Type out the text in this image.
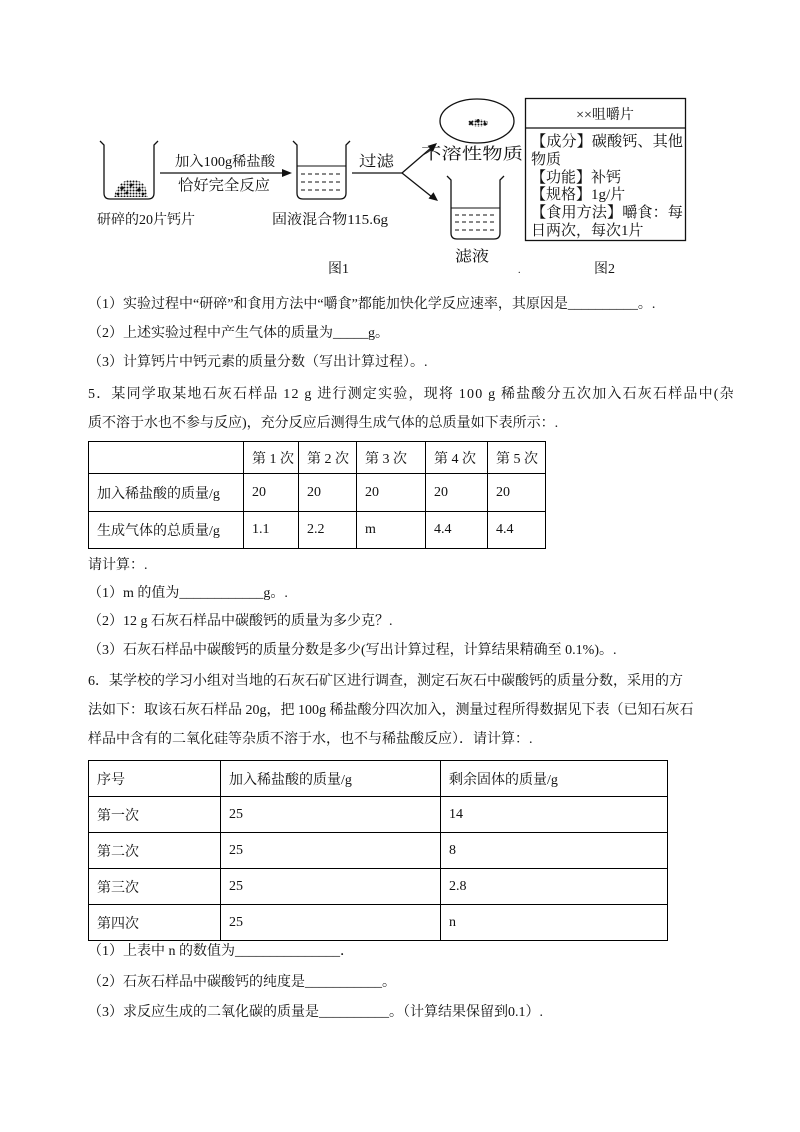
研碎的20片钙片
加入100g稀盐酸
恰好完全反应
固液混合物115.6g
过滤	不溶性物质
滤液
图1
××咀嚼片
【成分】碳酸钙、其他
物质
【功能】补钙
【规格】1g/片
【食用方法】嚼食：每
日两次，每次1片
.	图2
（1）实验过程中“研碎”和食用方法中“嚼食”都能加快化学反应速率，其原因是__________。.
（2）上述实验过程中产生气体的质量为_____g。
（3）计算钙片中钙元素的质量分数（写出计算过程）。.
5．某同学取某地石灰石样品 12 g 进行测定实验，现将 100 g 稀盐酸分五次加入石灰石样品中(杂
质不溶于水也不参与反应)，充分反应后测得生成气体的总质量如下表所示：.
	第 1 次	第 2 次	第 3 次	第 4 次	第 5 次
加入稀盐酸的质量/g	20	20	20	20	20
生成气体的总质量/g	1.1	2.2	m	4.4	4.4
请计算：.
（1）m 的值为____________g。.
（2）12 g 石灰石样品中碳酸钙的质量为多少克？.
（3）石灰石样品中碳酸钙的质量分数是多少(写出计算过程，计算结果精确至 0.1%)。.
6．某学校的学习小组对当地的石灰石矿区进行调查，测定石灰石中碳酸钙的质量分数，采用的方
法如下：取该石灰石样品 20g，把 100g 稀盐酸分四次加入，测量过程所得数据见下表（已知石灰石
样品中含有的二氧化硅等杂质不溶于水，也不与稀盐酸反应）．请计算：.
序号	加入稀盐酸的质量/g	剩余固体的质量/g
第一次	25	14
第二次	25	8
第三次	25	2.8
第四次	25	n
（1）上表中 n 的数值为_______________．
（2）石灰石样品中碳酸钙的纯度是___________。
（3）求反应生成的二氧化碳的质量是__________。（计算结果保留到0.1）.
